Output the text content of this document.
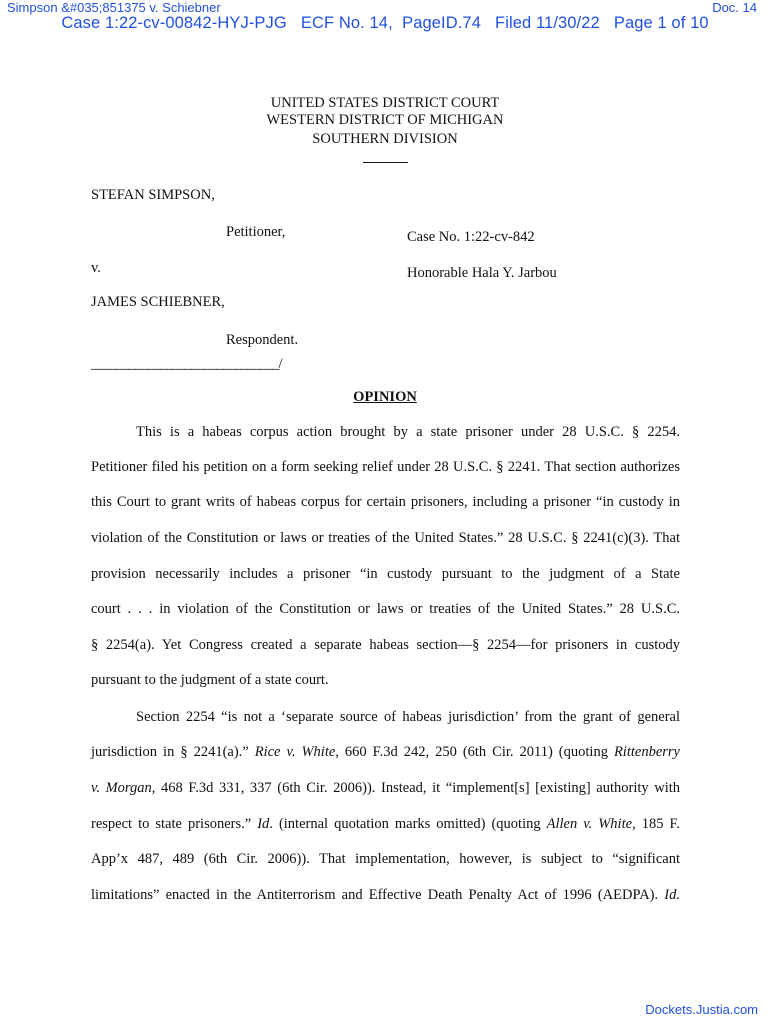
Simpson &#035;851375 v. Schiebner	Doc. 14
Case 1:22-cv-00842-HYJ-PJG   ECF No. 14,  PageID.74   Filed 11/30/22   Page 1 of 10
UNITED STATES DISTRICT COURT
WESTERN DISTRICT OF MICHIGAN
SOUTHERN DIVISION
STEFAN SIMPSON,
Petitioner,	Case No. 1:22-cv-842
v.	Honorable Hala Y. Jarbou
JAMES SCHIEBNER,
Respondent.
______________________________/
OPINION
This is a habeas corpus action brought by a state prisoner under 28 U.S.C. § 2254.
Petitioner filed his petition on a form seeking relief under 28 U.S.C. § 2241. That section authorizes
this Court to grant writs of habeas corpus for certain prisoners, including a prisoner “in custody in
violation of the Constitution or laws or treaties of the United States.” 28 U.S.C. § 2241(c)(3). That
provision necessarily includes a prisoner “in custody pursuant to the judgment of a State
court . . . in violation of the Constitution or laws or treaties of the United States.” 28 U.S.C.
§ 2254(a). Yet Congress created a separate habeas section—§ 2254—for prisoners in custody
pursuant to the judgment of a state court.
Section 2254 “is not a ‘separate source of habeas jurisdiction’ from the grant of general
jurisdiction in § 2241(a).” Rice v. White, 660 F.3d 242, 250 (6th Cir. 2011) (quoting Rittenberry
v. Morgan, 468 F.3d 331, 337 (6th Cir. 2006)). Instead, it “implement[s] [existing] authority with
respect to state prisoners.” Id. (internal quotation marks omitted) (quoting Allen v. White, 185 F.
App’x 487, 489 (6th Cir. 2006)). That implementation, however, is subject to “significant
limitations” enacted in the Antiterrorism and Effective Death Penalty Act of 1996 (AEDPA). Id.
Dockets.Justia.com
